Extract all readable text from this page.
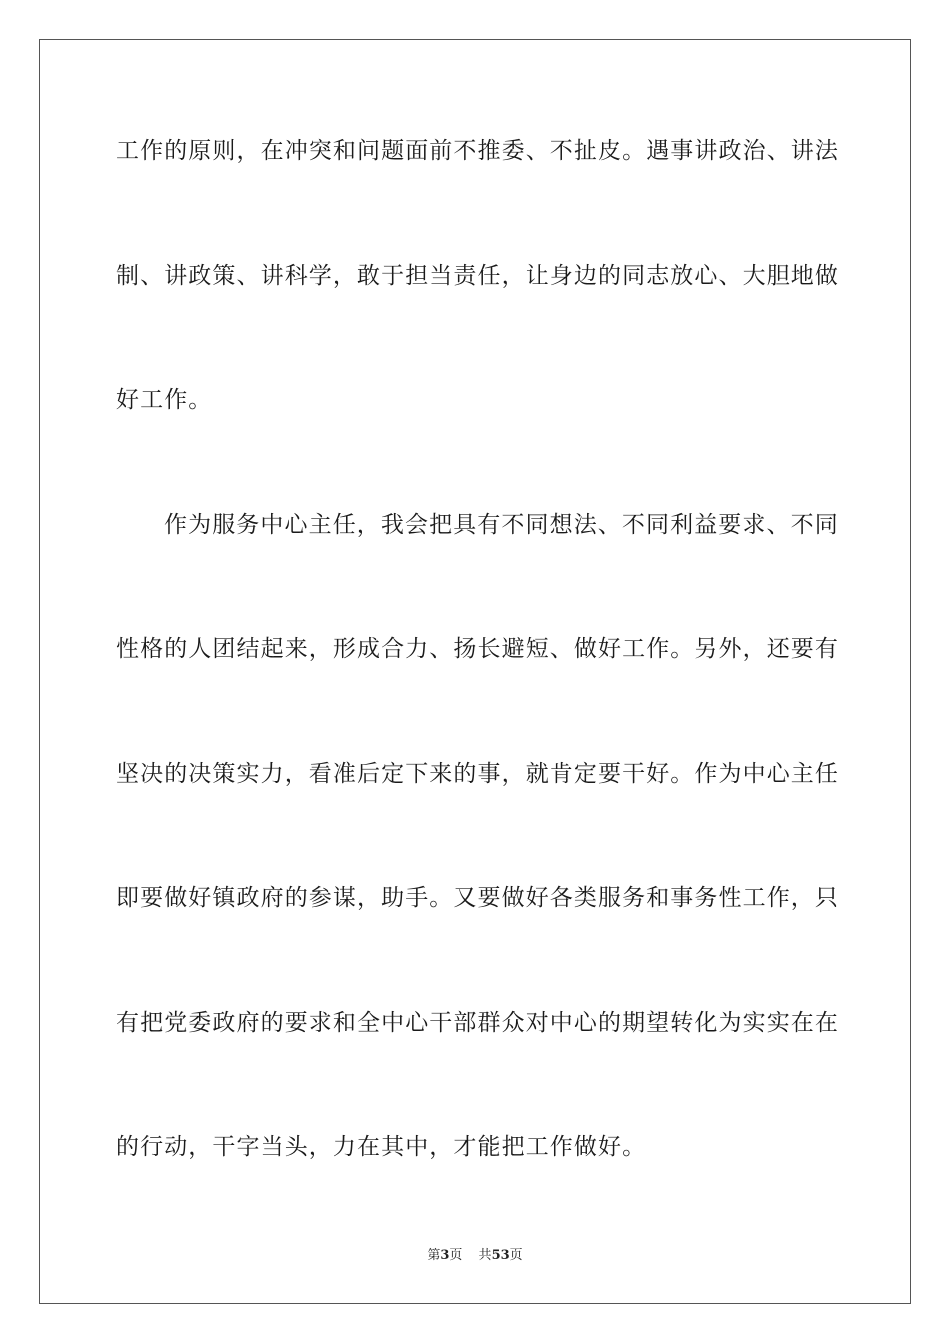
工作的原则，在冲突和问题面前不推委、不扯皮。遇事讲政治、讲法
制、讲政策、讲科学，敢于担当责任，让身边的同志放心、大胆地做
好工作。
作为服务中心主任，我会把具有不同想法、不同利益要求、不同
性格的人团结起来，形成合力、扬长避短、做好工作。另外，还要有
坚决的决策实力，看准后定下来的事，就肯定要干好。作为中心主任
即要做好镇政府的参谋，助手。又要做好各类服务和事务性工作，只
有把党委政府的要求和全中心干部群众对中心的期望转化为实实在在
的行动，干字当头，力在其中，才能把工作做好。
第3页 共53页
